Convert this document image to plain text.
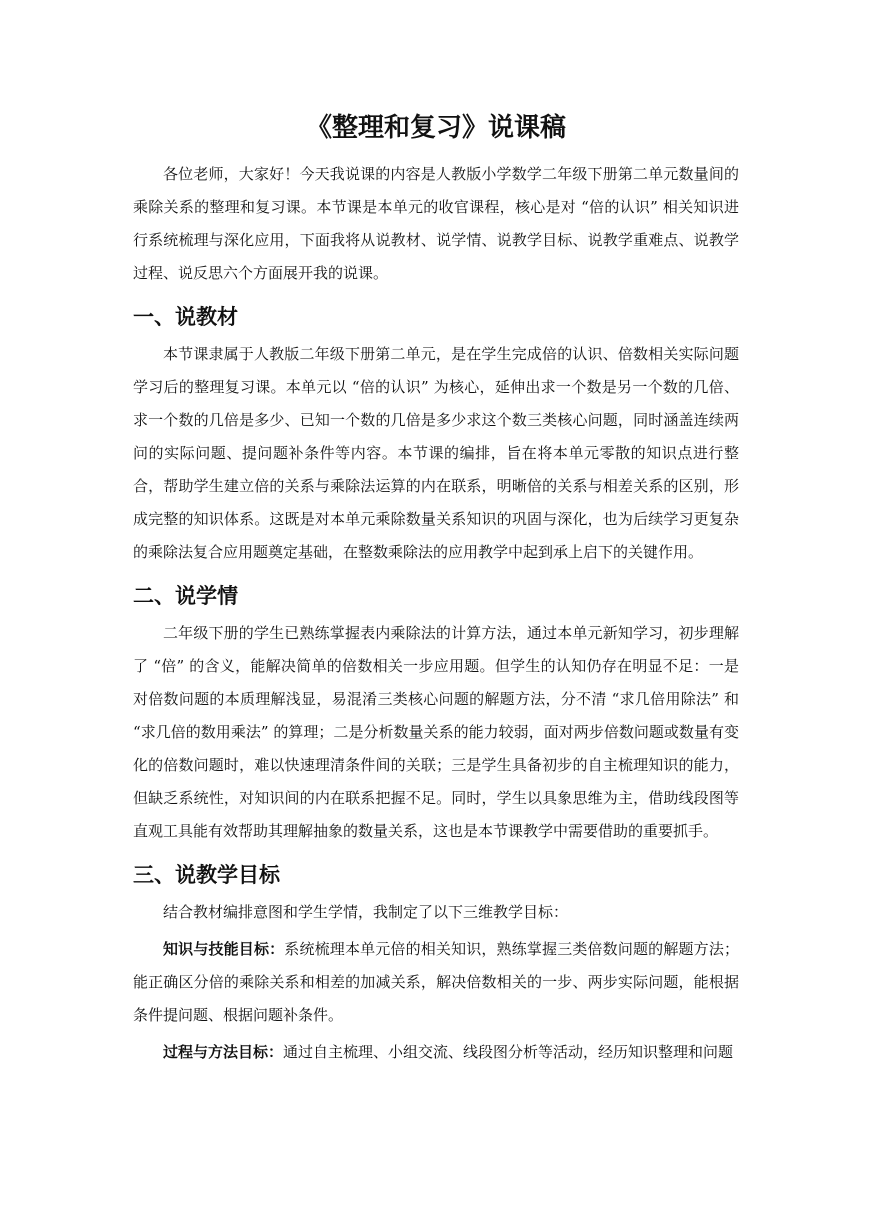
《整理和复习》说课稿

各位老师，大家好！今天我说课的内容是人教版小学数学二年级下册第二单元数量间的乘除关系的整理和复习课。本节课是本单元的收官课程，核心是对 “倍的认识” 相关知识进行系统梳理与深化应用，下面我将从说教材、说学情、说教学目标、说教学重难点、说教学过程、说反思六个方面展开我的说课。

一、说教材

本节课隶属于人教版二年级下册第二单元，是在学生完成倍的认识、倍数相关实际问题学习后的整理复习课。本单元以 “倍的认识” 为核心，延伸出求一个数是另一个数的几倍、求一个数的几倍是多少、已知一个数的几倍是多少求这个数三类核心问题，同时涵盖连续两问的实际问题、提问题补条件等内容。本节课的编排，旨在将本单元零散的知识点进行整合，帮助学生建立倍的关系与乘除法运算的内在联系，明晰倍的关系与相差关系的区别，形成完整的知识体系。这既是对本单元乘除数量关系知识的巩固与深化，也为后续学习更复杂的乘除法复合应用题奠定基础，在整数乘除法的应用教学中起到承上启下的关键作用。

二、说学情

二年级下册的学生已熟练掌握表内乘除法的计算方法，通过本单元新知学习，初步理解了 “倍” 的含义，能解决简单的倍数相关一步应用题。但学生的认知仍存在明显不足：一是对倍数问题的本质理解浅显，易混淆三类核心问题的解题方法，分不清 “求几倍用除法” 和 “求几倍的数用乘法” 的算理；二是分析数量关系的能力较弱，面对两步倍数问题或数量有变化的倍数问题时，难以快速理清条件间的关联；三是学生具备初步的自主梳理知识的能力，但缺乏系统性，对知识间的内在联系把握不足。同时，学生以具象思维为主，借助线段图等直观工具能有效帮助其理解抽象的数量关系，这也是本节课教学中需要借助的重要抓手。

三、说教学目标

结合教材编排意图和学生学情，我制定了以下三维教学目标：

知识与技能目标：系统梳理本单元倍的相关知识，熟练掌握三类倍数问题的解题方法；能正确区分倍的乘除关系和相差的加减关系，解决倍数相关的一步、两步实际问题，能根据条件提问题、根据问题补条件。

过程与方法目标：通过自主梳理、小组交流、线段图分析等活动，经历知识整理和问题
